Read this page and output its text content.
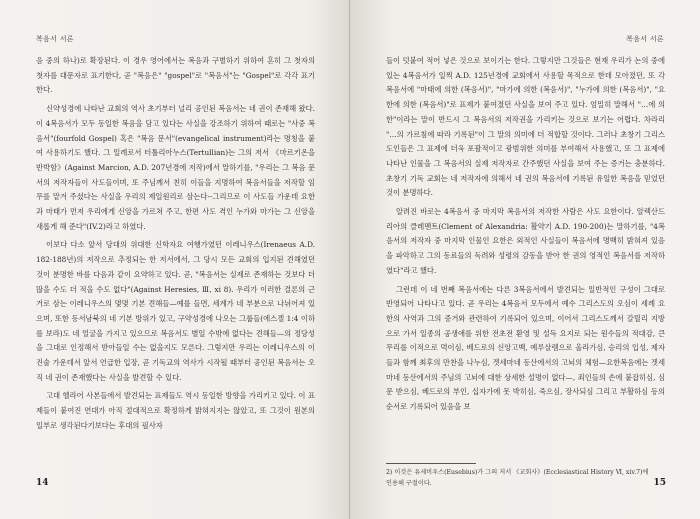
복음서 서론

음 중의 하나)로 확장된다. 이 경우 영어에서는 복음과 구별하기 위하여 흔히 그 첫자의 첫자를 대문자로 표기한다, 곧 "복음은" "gospel"로 "복음서"는 "Gospel"로 각각 표기한다.

신약성경에 나타난 교회의 역사 초기부터 널리 공인된 복음서는 네 권이 존재해 왔다. 이 4복음서가 모두 동일한 복음을 담고 있다는 사실을 강조하기 위하여 때로는 "사중 복음서"(fourfold Gospel) 혹은 "복음 문서"(evangelical instrument)라는 명칭을 붙여 사용하기도 했다. 그 일례로서 터툴리아누스(Tertullian)는 그의 저서 《마르키온을 반박함》(Against Marcion, A.D. 207년경에 저작)에서 말하기를, "우리는 그 복음 문서의 저작자들이 사도들이며, 또 주님께서 친히 이들을 지명하여 복음서들을 저작할 임무를 맡겨 주셨다는 사실을 우리의 제일원리로 삼는다--그리므로 이 사도들 가운데 요한과 마태가 먼저 우리에게 신앙을 가르쳐 주고, 한편 사도 격인 누가와 마가는 그 신앙을 새롭게 해 준다"(IV.2)라고 하였다.

이보다 다소 앞서 당대의 위대한 신학자요 여행가였던 이레니우스(Irenaeus A.D. 182-188년)의 저작으로 추정되는 한 저서에서, 그 당시 모든 교회의 입지된 견해였던 것이 분명한 바를 다음과 같이 요약하고 있다. 곧, "복음서는 실제로 존재하는 것보다 더 많을 수도 더 적을 수도 없다"(Against Heresies, Ⅲ, xi 8). 우리가 이러한 결론의 근거로 삼는 이레니우스의 몇몇 기본 견해들—예를 들면, 세계가 네 부분으로 나뉘어져 있으며, 또한 동서남북의 네 기본 방위가 있고, 구약성경에 나오는 그룹들(에스겔 1:4 이하를 보라)도 네 얼굴을 가지고 있으므로 복음서도 별일 수밖에 없다는 견해들—의 정당성을 그대로 인정해서 받아들일 수는 없을지도 모른다. 그렇지만 우리는 이레니우스의 이 진술 가운데서 앞서 언급한 입장, 곧 기독교의 역사가 시작될 때부터 공인된 복음서는 오직 네 권이 존재했다는 사실을 발견할 수 있다.

고대 헬라어 사본들에서 발견되는 표제들도 역시 동일한 방향을 가리키고 있다. 이 표제들이 붙여진 연대가 아직 절대적으로 확정하게 밝혀지지는 않았고, 또 그것이 원본의 일부로 생각된다기보다는 후대의 필사자

14
복음서 서론

들이 덧붙여 적어 넣은 것으로 보이기는 한다. 그렇지만 그것들은 현재 우리가 논의 중에 있는 4복음서가 일찍 A.D. 125년경에 교회에서 사용할 목적으로 한데 모아졌던, 또 각 복음서에 "마태에 의한 (복음서)", "마가에 의한 (복음서)", "누가에 의한 (복음서)", "요한에 의한 (복음서)"로 표제가 붙여졌던 사실을 보여 주고 있다. 엄밀히 말해서 "…에 의한"이라는 말이 반드시 그 복음서의 저작권을 가리키는 것으로 보기는 어렵다. 차라리 "…의 가르침에 따라 기록된"이 그 말의 의미에 더 적합할 것이다. 그러나 초창기 그리스도인들은 그 표제에 더욱 포괄적이고 광범위한 의미를 부여해서 사용했고, 또 그 표제에 나타난 인물을 그 복음서의 실제 저작자로 간주했던 사실을 보여 주는 증거는 충분하다. 초창기 기독 교회는 네 저작자에 의해서 네 권의 복음서에 기록된 유일한 복음을 믿었던 것이 분명하다.

알려진 바로는 4복음서 중 마지막 복음서의 저작한 사람은 사도 요한이다. 알렉산드리아의 클레멘트(Clement of Alexandria: 활약기 A.D. 190-200)는 말하기를, "4복음서의 저작자 중 마지막 인물인 요한은 외적인 사실들이 복음서에 명백히 밝혀져 있음을 파악하고 그의 동료들의 독려와 성령의 감동을 받아 한 권의 영적인 복음서를 저작하였다"라고 했다.

그런데 이 네 번째 복음서에는 다른 3복음서에서 발견되는 일반적인 구성이 그대로 반영되어 나타나고 있다. 곧 우리는 4복음서 모두에서 예수 그리스도의 오심이 세례 요한의 사역과 그의 증거와 관련하여 기록되어 있으며, 이어서 그리스도께서 갈릴리 지방으로 가서 일종의 공생애를 위한 전초전 환영 및 설득 요지로 되는 원수들의 적대감, 큰 무리를 이적으로 먹이심, 베드로의 신앙고백, 예루살렘으로 올라가심, 승리의 입성, 제자들과 함께 최후의 만찬을 나누심, 겟세마네 동산에서의 고뇌의 체험—요한복음에는 겟세마네 동산에서의 주님의 고뇌에 대한 상세한 설명이 없다—, 죄인들의 손에 붙잡히심, 심문 받으심, 베드로의 부인, 십자가에 못 박히심, 죽으심, 장사되심 그리고 부활하심 등의 순서로 기록되어 있음을 보

2) 이것은 유세비우스(Eusebius)가 그의 저서 《교회사》(Ecclesiastical History Ⅵ, xiv.7)에 인용해 구절이다.	15
